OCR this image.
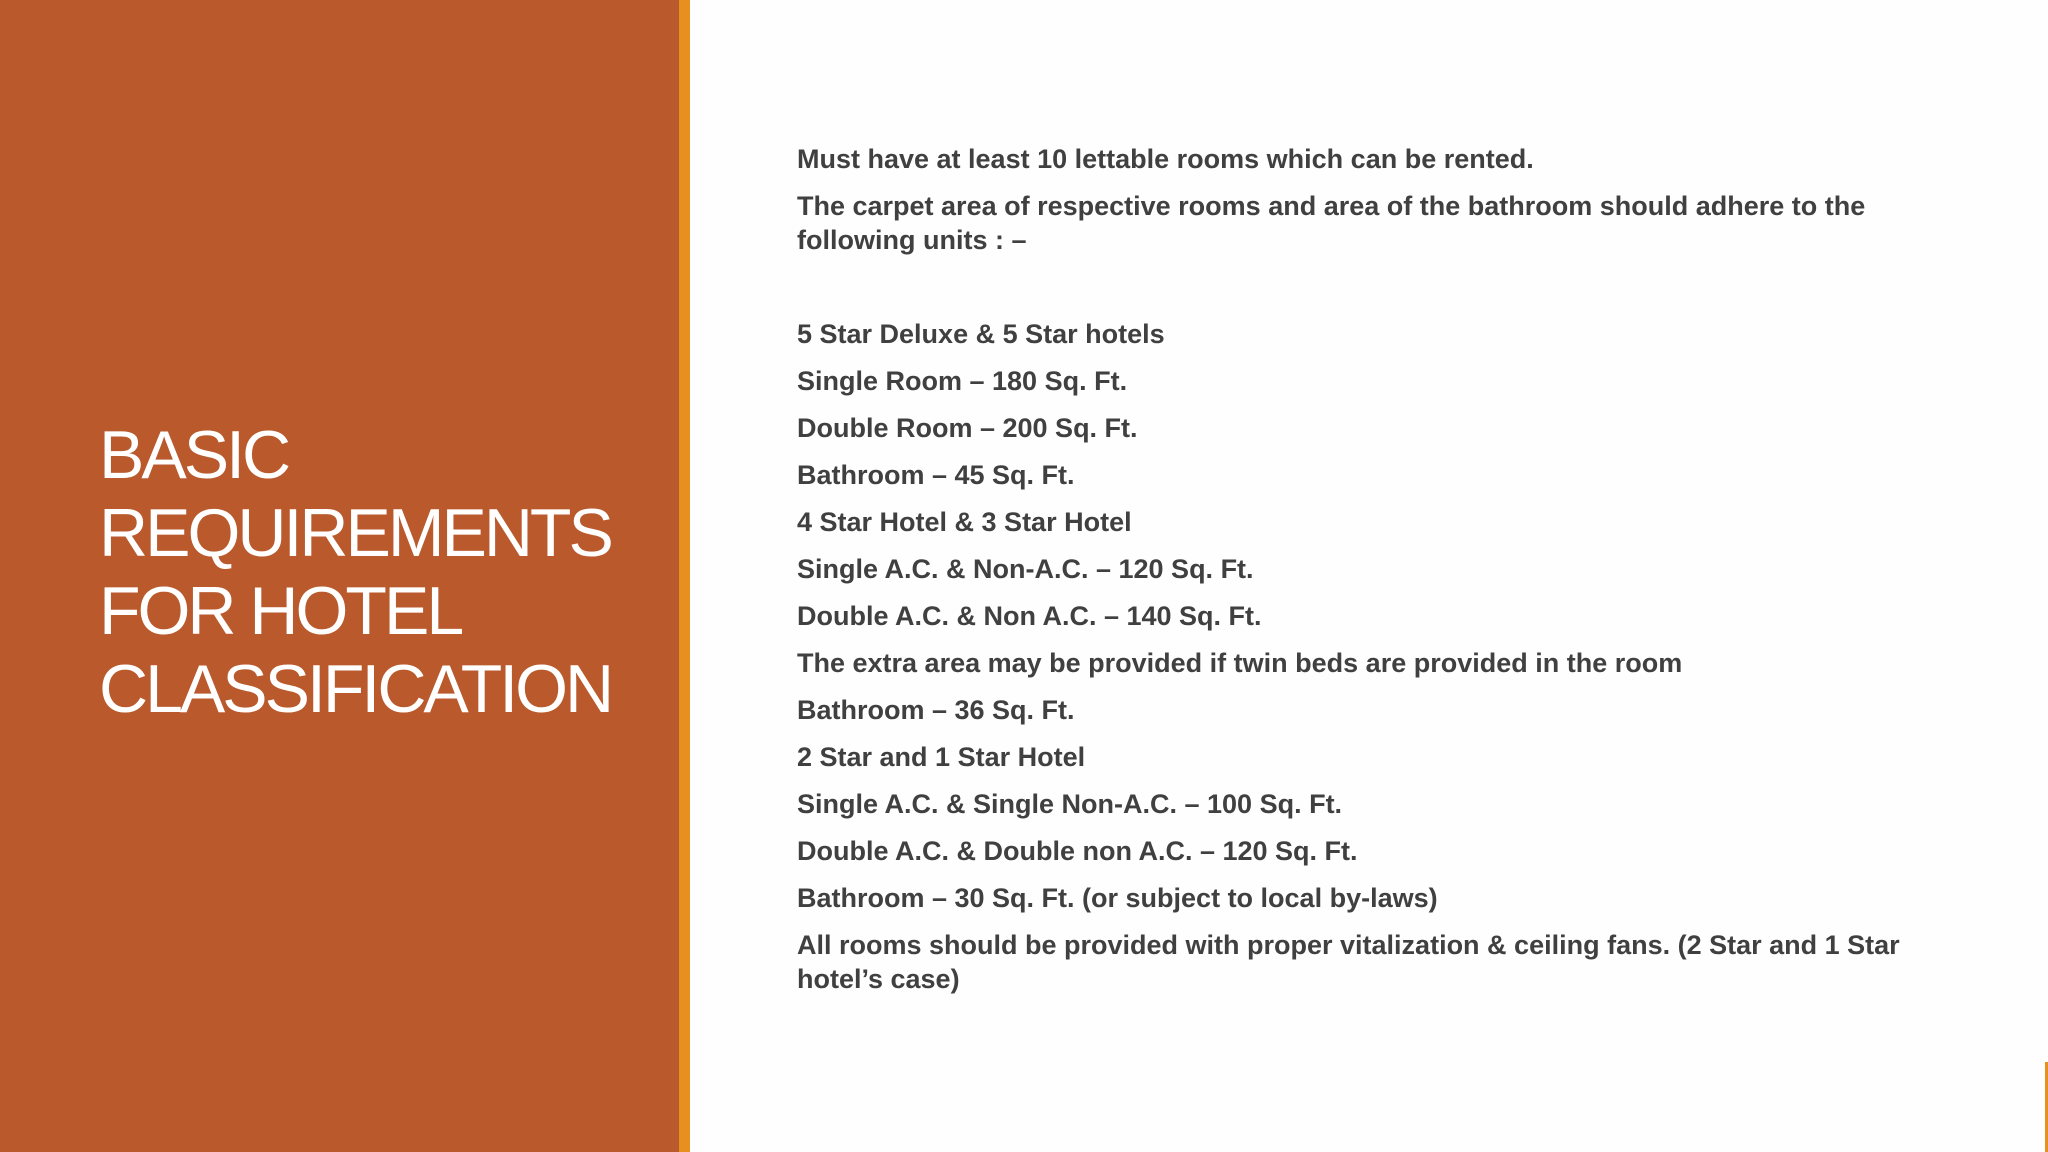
BASIC REQUIREMENTS FOR HOTEL CLASSIFICATION

Must have at least 10 lettable rooms which can be rented.

The carpet area of respective rooms and area of the bathroom should adhere to the following units : –

5 Star Deluxe & 5 Star hotels

Single Room – 180 Sq. Ft.

Double Room – 200 Sq. Ft.

Bathroom – 45 Sq. Ft.

4 Star Hotel & 3 Star Hotel

Single A.C. & Non-A.C. – 120 Sq. Ft.

Double A.C. & Non A.C. – 140 Sq. Ft.

The extra area may be provided if twin beds are provided in the room

Bathroom – 36 Sq. Ft.

2 Star and 1 Star Hotel

Single A.C. & Single Non-A.C. – 100 Sq. Ft.

Double A.C. & Double non A.C. – 120 Sq. Ft.

Bathroom – 30 Sq. Ft. (or subject to local by-laws)

All rooms should be provided with proper vitalization & ceiling fans. (2 Star and 1 Star hotel’s case)
